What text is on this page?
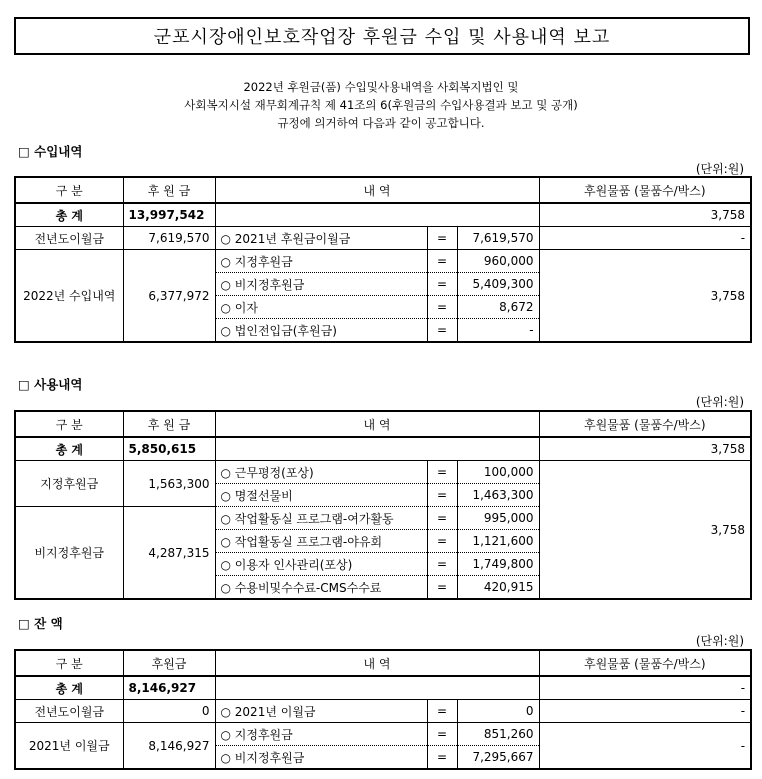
군포시장애인보호작업장 후원금 수입 및 사용내역 보고
2022년 후원금(품) 수입및사용내역을 사회복지법인 및
사회복지시설 재무회계규칙 제 41조의 6(후원금의 수입사용결과 보고 및 공개)
규정에 의거하여 다음과 같이 공고합니다.
□ 수입내역
(단위:원)
구 분	후 원 금	내 역			후원물품 (물품수/박스)
총 계	13,997,542				3,758
전년도이월금	7,619,570	○ 2021년 후원금이월금	=	7,619,570	-
2022년 수입내역	6,377,972	○ 지정후원금	=	960,000	3,758
		○ 비지정후원금	=	5,409,300	
		○ 이자	=	8,672	
		○ 법인전입금(후원금)	=	-	
□ 사용내역
(단위:원)
구 분	후 원 금	내 역			후원물품 (물품수/박스)
총 계	5,850,615				3,758
지정후원금	1,563,300	○ 근무평정(포상)	=	100,000	3,758
		○ 명절선물비	=	1,463,300	
비지정후원금	4,287,315	○ 작업활동실 프로그램-여가활동	=	995,000	
		○ 작업활동실 프로그램-야유회	=	1,121,600	
		○ 이용자 인사관리(포상)	=	1,749,800	
		○ 수용비및수수료-CMS수수료	=	420,915	
□ 잔 액
(단위:원)
구 분	후원금	내 역			후원물품 (물품수/박스)
총 계	8,146,927				-
전년도이월금	0	○ 2021년 이월금	=	0	-
2021년 이월금	8,146,927	○ 지정후원금	=	851,260	-
		○ 비지정후원금	=	7,295,667	
